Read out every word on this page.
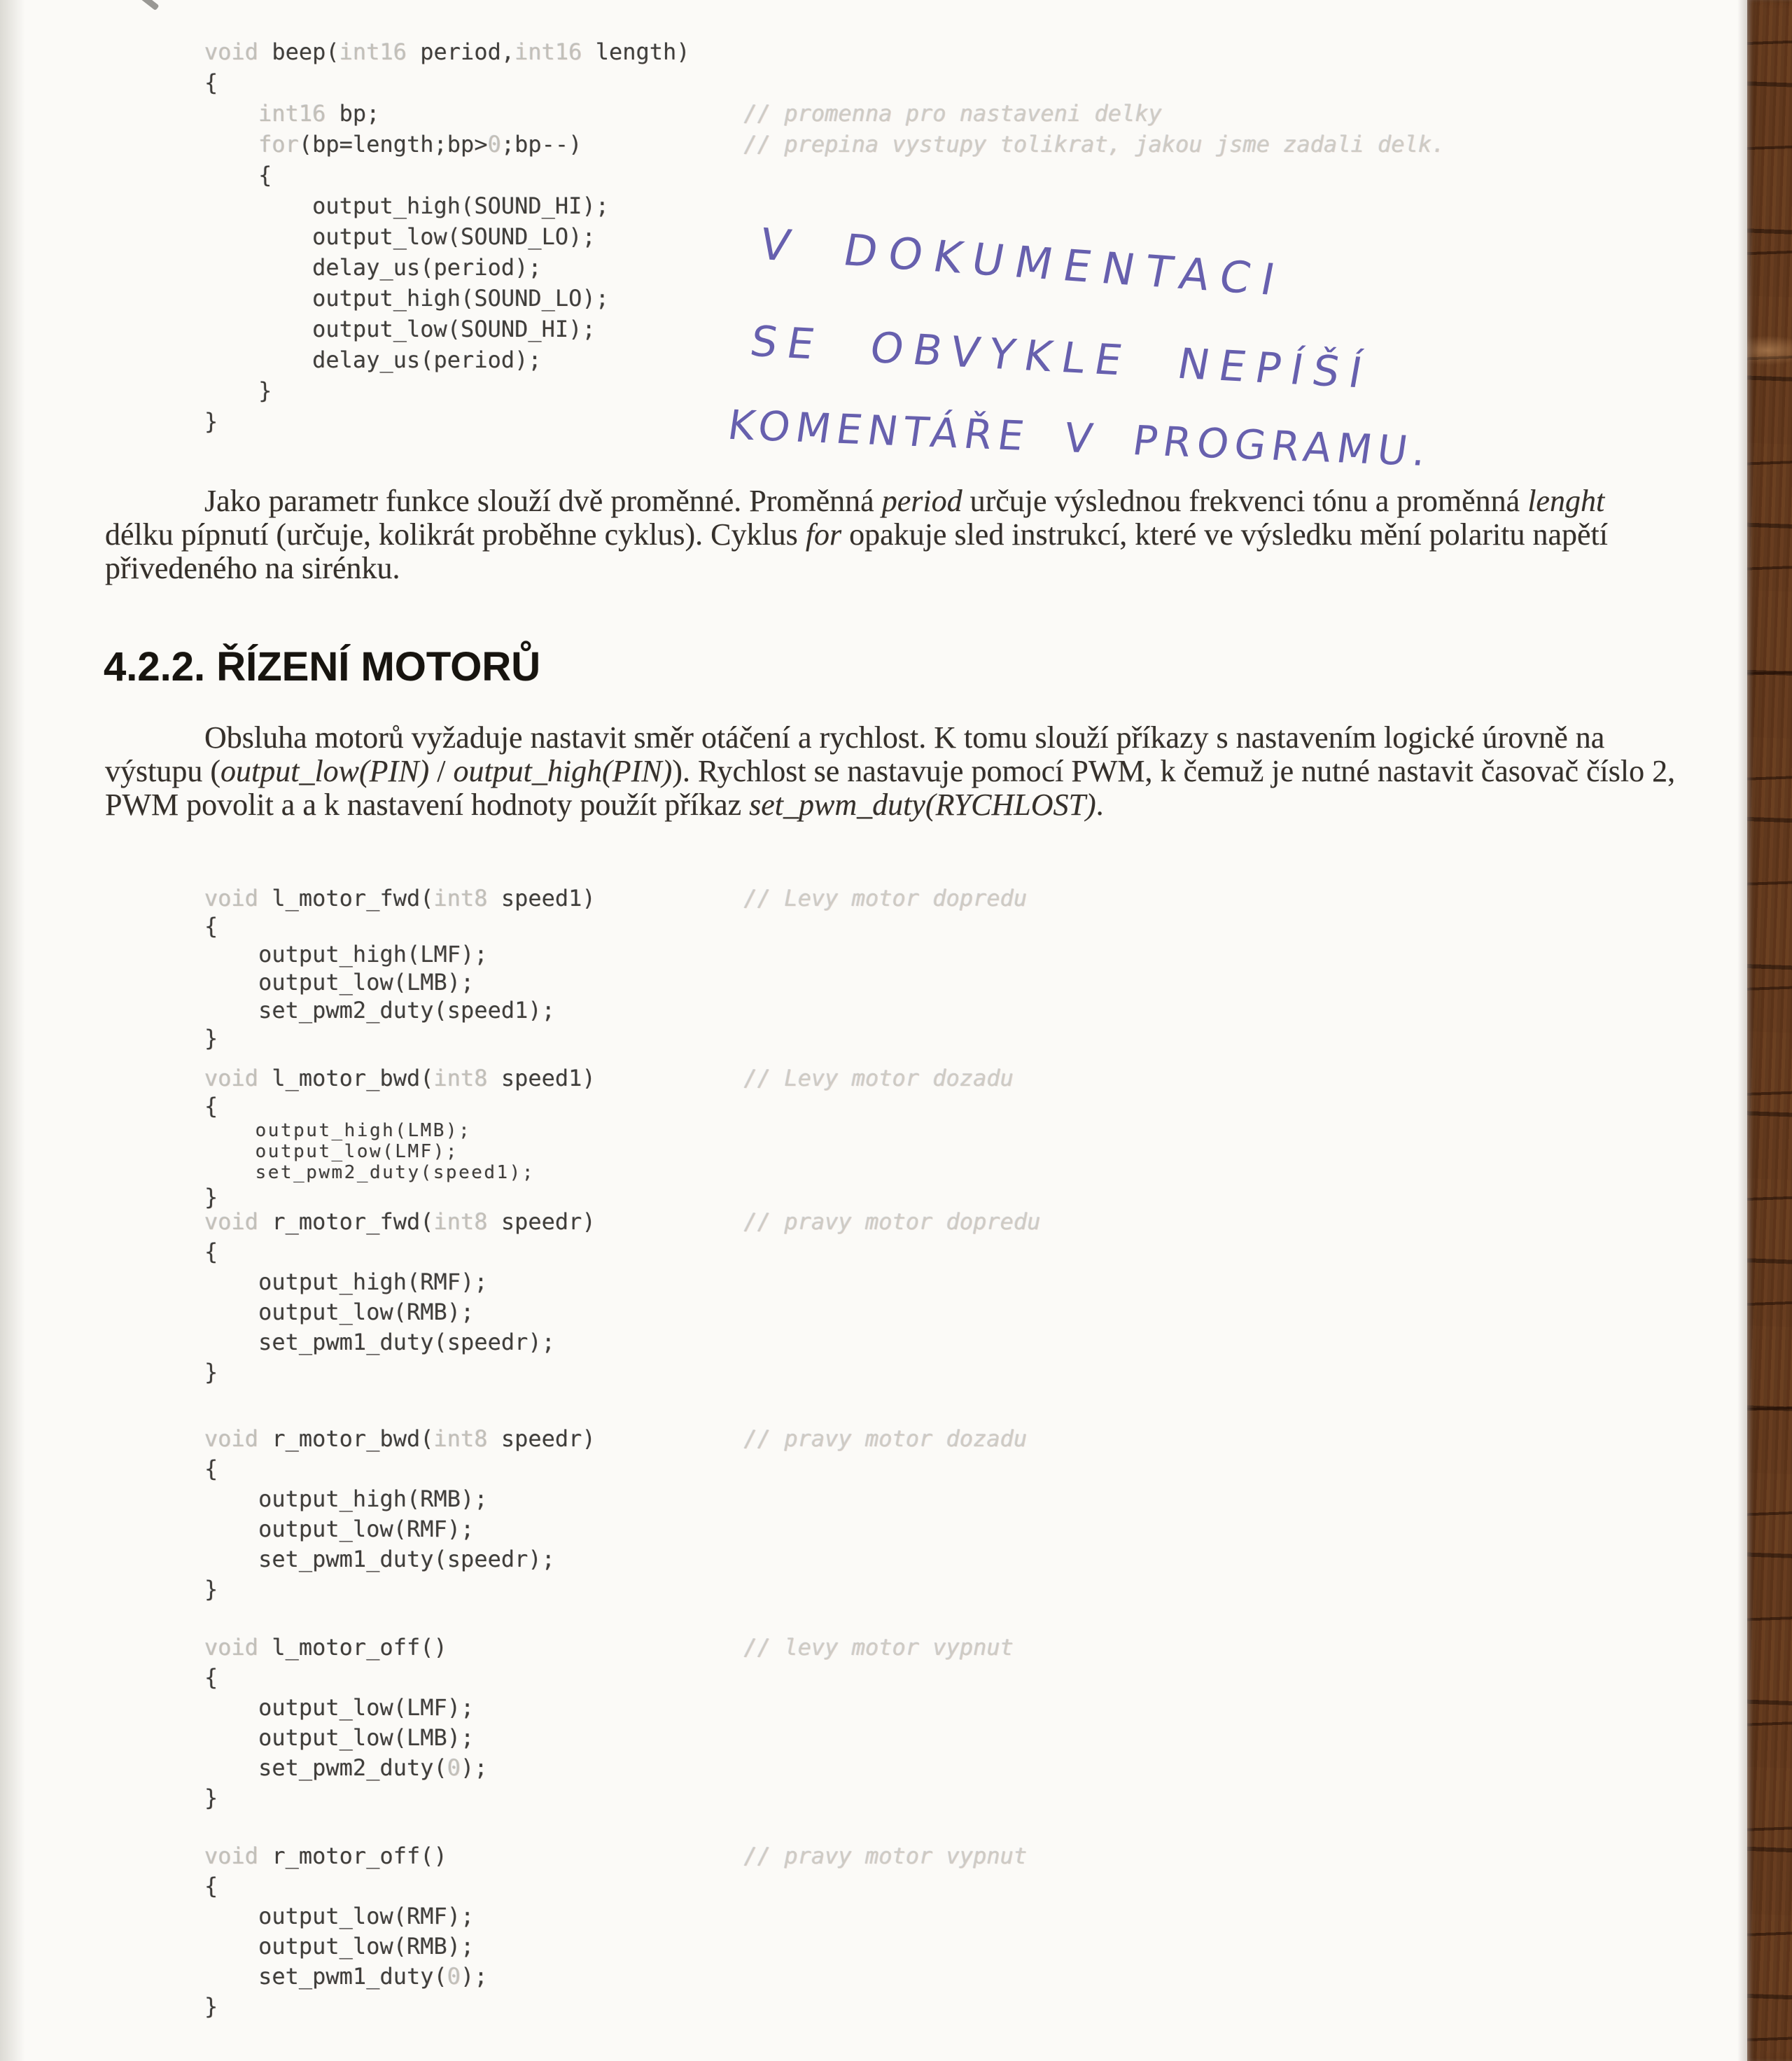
void beep(int16 period,int16 length)
{
int16 bp;                           // promenna pro nastaveni delky
for(bp=length;bp>0;bp--)            // prepina vystupy tolikrat, jakou jsme zadali delk.
{
output_high(SOUND_HI);
output_low(SOUND_LO);
delay_us(period);
output_high(SOUND_LO);
output_low(SOUND_HI);
delay_us(period);
}
}
V DOKUMENTACI
SE OBVYKLE NEPÍŠÍ
KOMENTÁŘE V PROGRAMU.

Jako parametr funkce slouží dvě proměnné. Proměnná period určuje výslednou frekvenci tónu a proměnná lenght délku pípnutí (určuje, kolikrát proběhne cyklus). Cyklus for opakuje sled instrukcí, které ve výsledku mění polaritu napětí přivedeného na sirénku.

4.2.2. ŘÍZENÍ MOTORŮ

Obsluha motorů vyžaduje nastavit směr otáčení a rychlost. K tomu slouží příkazy s nastavením logické úrovně na výstupu (output_low(PIN) / output_high(PIN)). Rychlost se nastavuje pomocí PWM, k čemuž je nutné nastavit časovač číslo 2, PWM povolit a a k nastavení hodnoty použít příkaz set_pwm_duty(RYCHLOST).

void l_motor_fwd(int8 speed1)           // Levy motor dopredu
{
output_high(LMF);
output_low(LMB);
set_pwm2_duty(speed1);
}
void l_motor_bwd(int8 speed1)           // Levy motor dozadu
{
output_high(LMB);
output_low(LMF);
set_pwm2_duty(speed1);
}
void r_motor_fwd(int8 speedr)           // pravy motor dopredu
{
output_high(RMF);
output_low(RMB);
set_pwm1_duty(speedr);
}
void r_motor_bwd(int8 speedr)           // pravy motor dozadu
{
output_high(RMB);
output_low(RMF);
set_pwm1_duty(speedr);
}
void l_motor_off()                      // levy motor vypnut
{
output_low(LMF);
output_low(LMB);
set_pwm2_duty(0);
}
void r_motor_off()                      // pravy motor vypnut
{
output_low(RMF);
output_low(RMB);
set_pwm1_duty(0);
}
